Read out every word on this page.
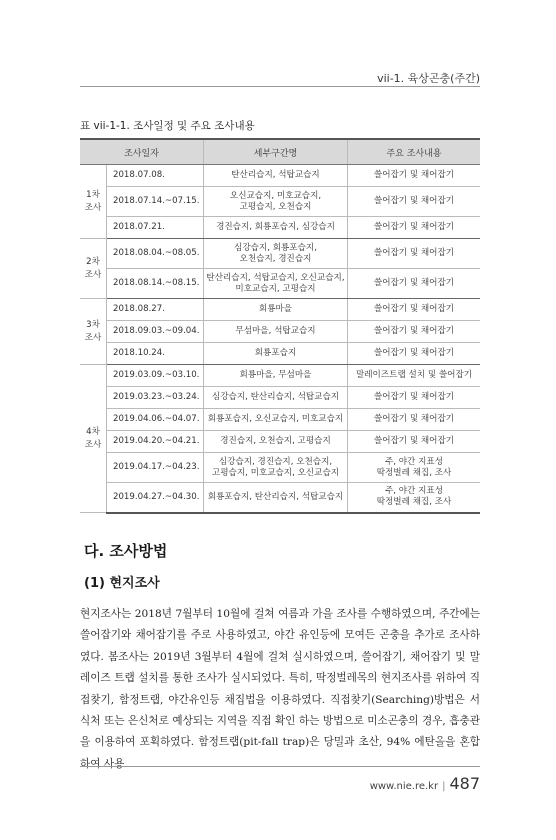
vii-1. 육상곤충(주간)
표 vii-1-1. 조사일정 및 주요 조사내용
조사일자		세부구간명	주요 조사내용
1차
조사	2018.07.08.	탄산리습지, 석탑교습지	쓸어잡기 및 채어잡기
	2018.07.14.~07.15.	오신교습지, 미호교습지,
고평습지, 오천습지	쓸어잡기 및 채어잡기
	2018.07.21.	경진습지, 회룡포습지, 심강습지	쓸어잡기 및 채어잡기
2차
조사	2018.08.04.~08.05.	심강습지, 회룡포습지,
오천습지, 경진습지	쓸어잡기 및 채어잡기
	2018.08.14.~08.15.	탄산리습지, 석탑교습지, 오신교습지,
미호교습지, 고평습지	쓸어잡기 및 채어잡기
3차
조사	2018.08.27.	회룡마을	쓸어잡기 및 채어잡기
	2018.09.03.~09.04.	무섬마을, 석탑교습지	쓸어잡기 및 채어잡기
	2018.10.24.	회룡포습지	쓸어잡기 및 채어잡기
4차
조사	2019.03.09.~03.10.	회룡마을, 무섬마을	말레이즈트랩 설치 및 쓸어잡기
	2019.03.23.~03.24.	심강습지, 탄산리습지, 석탑교습지	쓸어잡기 및 채어잡기
	2019.04.06.~04.07.	회룡포습지, 오신교습지, 미호교습지	쓸어잡기 및 채어잡기
	2019.04.20.~04.21.	경진습지, 오천습지, 고평습지	쓸어잡기 및 채어잡기
	2019.04.17.~04.23.	심강습지, 경진습지, 오천습지,
고평습지, 미호교습지, 오신교습지	주, 야간 지표성
딱정벌레 채집, 조사
	2019.04.27.~04.30.	회룡포습지, 탄산리습지, 석탑교습지	주, 야간 지표성
딱정벌레 채집, 조사
다. 조사방법
(1) 현지조사
현지조사는 2018년 7월부터 10월에 걸쳐 여름과 가을 조사를 수행하였으며, 주간에는 쓸어잡기와 채어잡기를 주로 사용하였고, 야간 유인등에 모여든 곤충을 추가로 조사하였다. 봄조사는 2019년 3월부터 4월에 걸쳐 실시하였으며, 쓸어잡기, 채어잡기 및 말레이즈 트랩 설치를 통한 조사가 실시되었다. 특히, 딱정벌레목의 현지조사를 위하여 직접찾기, 함정트랩, 야간유인등 채집법을 이용하였다. 직접찾기(Searching)방법은 서식처 또는 은신처로 예상되는 지역을 직접 확인 하는 방법으로 미소곤충의 경우, 흡충관을 이용하여 포획하였다. 함정트랩(pit-fall trap)은 당밀과 초산, 94% 에탄올을 혼합하여 사용
www.nie.re.kr | 487
